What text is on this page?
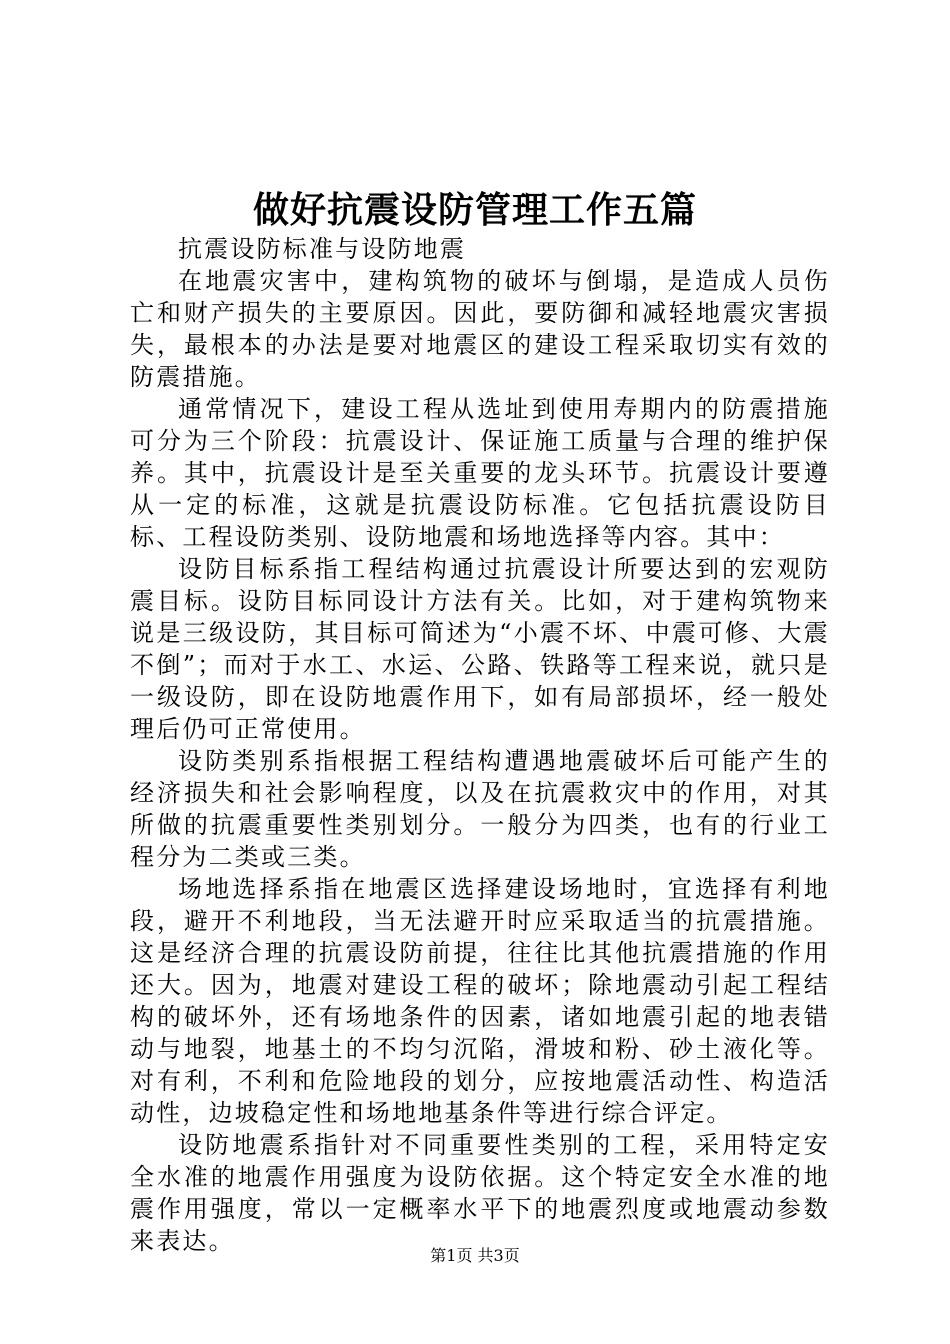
做好抗震设防管理工作五篇

抗震设防标准与设防地震

在地震灾害中，建构筑物的破坏与倒塌，是造成人员伤亡和财产损失的主要原因。因此，要防御和减轻地震灾害损失，最根本的办法是要对地震区的建设工程采取切实有效的防震措施。

通常情况下，建设工程从选址到使用寿期内的防震措施可分为三个阶段：抗震设计、保证施工质量与合理的维护保养。其中，抗震设计是至关重要的龙头环节。抗震设计要遵从一定的标准，这就是抗震设防标准。它包括抗震设防目标、工程设防类别、设防地震和场地选择等内容。其中：

设防目标系指工程结构通过抗震设计所要达到的宏观防震目标。设防目标同设计方法有关。比如，对于建构筑物来说是三级设防，其目标可简述为“小震不坏、中震可修、大震不倒”；而对于水工、水运、公路、铁路等工程来说，就只是一级设防，即在设防地震作用下，如有局部损坏，经一般处理后仍可正常使用。

设防类别系指根据工程结构遭遇地震破坏后可能产生的经济损失和社会影响程度，以及在抗震救灾中的作用，对其所做的抗震重要性类别划分。一般分为四类，也有的行业工程分为二类或三类。

场地选择系指在地震区选择建设场地时，宜选择有利地段，避开不利地段，当无法避开时应采取适当的抗震措施。这是经济合理的抗震设防前提，往往比其他抗震措施的作用还大。因为，地震对建设工程的破坏；除地震动引起工程结构的破坏外，还有场地条件的因素，诸如地震引起的地表错动与地裂，地基土的不均匀沉陷，滑坡和粉、砂土液化等。对有利，不利和危险地段的划分，应按地震活动性、构造活动性，边坡稳定性和场地地基条件等进行综合评定。

设防地震系指针对不同重要性类别的工程，采用特定安全水准的地震作用强度为设防依据。这个特定安全水准的地震作用强度，常以一定概率水平下的地震烈度或地震动参数来表达。

第1页 共3页
